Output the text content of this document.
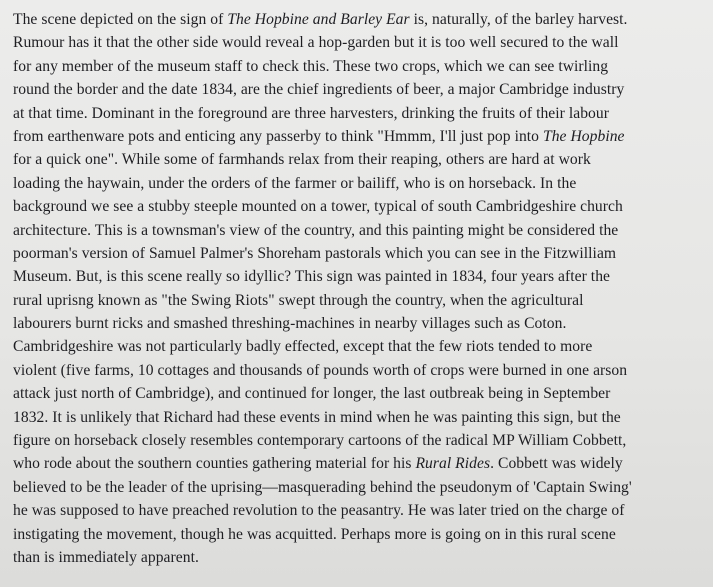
The scene depicted on the sign of The Hopbine and Barley Ear is, naturally, of the barley harvest.
Rumour has it that the other side would reveal a hop-garden but it is too well secured to the wall
for any member of the museum staff to check this. These two crops, which we can see twirling
round the border and the date 1834, are the chief ingredients of beer, a major Cambridge industry
at that time. Dominant in the foreground are three harvesters, drinking the fruits of their labour
from earthenware pots and enticing any passerby to think "Hmmm, I'll just pop into The Hopbine
for a quick one". While some of farmhands relax from their reaping, others are hard at work
loading the haywain, under the orders of the farmer or bailiff, who is on horseback. In the
background we see a stubby steeple mounted on a tower, typical of south Cambridgeshire church
architecture. This is a townsman's view of the country, and this painting might be considered the
poorman's version of Samuel Palmer's Shoreham pastorals which you can see in the Fitzwilliam
Museum. But, is this scene really so idyllic? This sign was painted in 1834, four years after the
rural uprisng known as "the Swing Riots" swept through the country, when the agricultural
labourers burnt ricks and smashed threshing-machines in nearby villages such as Coton.
Cambridgeshire was not particularly badly effected, except that the few riots tended to more
violent (five farms, 10 cottages and thousands of pounds worth of crops were burned in one arson
attack just north of Cambridge), and continued for longer, the last outbreak being in September
1832. It is unlikely that Richard had these events in mind when he was painting this sign, but the
figure on horseback closely resembles contemporary cartoons of the radical MP William Cobbett,
who rode about the southern counties gathering material for his Rural Rides. Cobbett was widely
believed to be the leader of the uprising—masquerading behind the pseudonym of 'Captain Swing'
he was supposed to have preached revolution to the peasantry. He was later tried on the charge of
instigating the movement, though he was acquitted. Perhaps more is going on in this rural scene
than is immediately apparent.
